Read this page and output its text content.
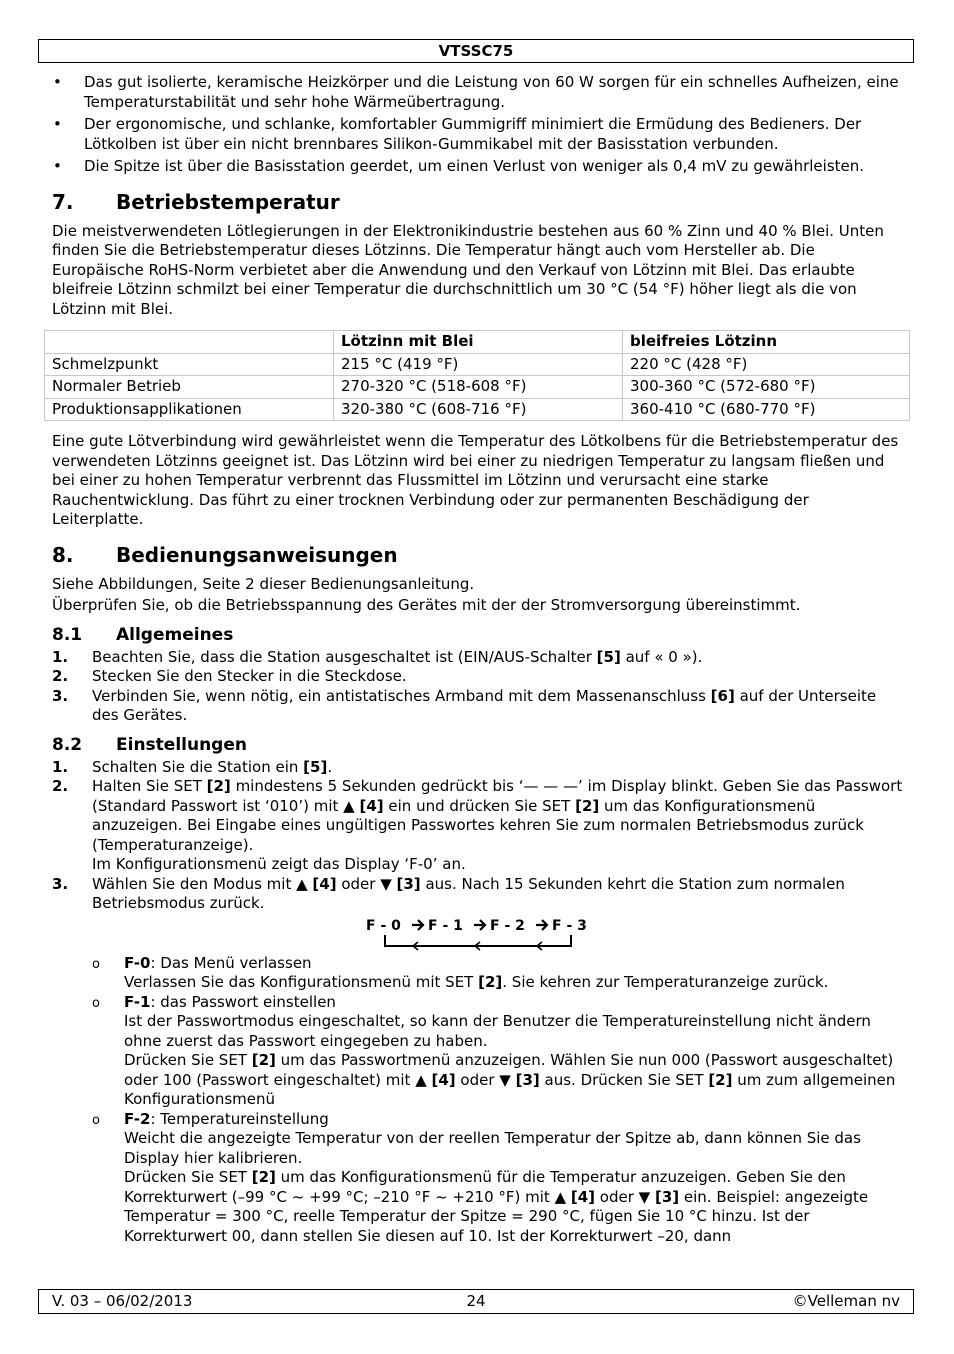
VTSSC75
• Das gut isolierte, keramische Heizkörper und die Leistung von 60 W sorgen für ein schnelles Aufheizen, eine Temperaturstabilität und sehr hohe Wärmeübertragung.
• Der ergonomische, und schlanke, komfortabler Gummigriff minimiert die Ermüdung des Bedieners. Der Lötkolben ist über ein nicht brennbares Silikon-Gummikabel mit der Basisstation verbunden.
• Die Spitze ist über die Basisstation geerdet, um einen Verlust von weniger als 0,4 mV zu gewährleisten.
7. Betriebstemperatur

Die meistverwendeten Lötlegierungen in der Elektronikindustrie bestehen aus 60 % Zinn und 40 % Blei. Unten finden Sie die Betriebstemperatur dieses Lötzinns. Die Temperatur hängt auch vom Hersteller ab. Die Europäische RoHS-Norm verbietet aber die Anwendung und den Verkauf von Lötzinn mit Blei. Das erlaubte bleifreie Lötzinn schmilzt bei einer Temperatur die durchschnittlich um 30 °C (54 °F) höher liegt als die von Lötzinn mit Blei.

	Lötzinn mit Blei	bleifreies Lötzinn
Schmelzpunkt	215 °C (419 °F)	220 °C (428 °F)
Normaler Betrieb	270-320 °C (518-608 °F)	300-360 °C (572-680 °F)
Produktionsapplikationen	320-380 °C (608-716 °F)	360-410 °C (680-770 °F)

Eine gute Lötverbindung wird gewährleistet wenn die Temperatur des Lötkolbens für die Betriebstemperatur des verwendeten Lötzinns geeignet ist. Das Lötzinn wird bei einer zu niedrigen Temperatur zu langsam fließen und bei einer zu hohen Temperatur verbrennt das Flussmittel im Lötzinn und verursacht eine starke Rauchentwicklung. Das führt zu einer trocknen Verbindung oder zur permanenten Beschädigung der Leiterplatte.

8. Bedienungsanweisungen

Siehe Abbildungen, Seite 2 dieser Bedienungsanleitung.

Überprüfen Sie, ob die Betriebsspannung des Gerätes mit der der Stromversorgung übereinstimmt.

8.1 Allgemeines
1. Beachten Sie, dass die Station ausgeschaltet ist (EIN/AUS-Schalter [5] auf « 0 »).
2. Stecken Sie den Stecker in die Steckdose.
3. Verbinden Sie, wenn nötig, ein antistatisches Armband mit dem Massenanschluss [6] auf der Unterseite des Gerätes.
8.2 Einstellungen
1. Schalten Sie die Station ein [5].
2. Halten Sie SET [2] mindestens 5 Sekunden gedrückt bis ‘— — —’ im Display blinkt. Geben Sie das Passwort (Standard Passwort ist ‘010’) mit ▲ [4] ein und drücken Sie SET [2] um das Konfigurationsmenü anzuzeigen. Bei Eingabe eines ungültigen Passwortes kehren Sie zum normalen Betriebsmodus zurück (Temperaturanzeige).
Im Konfigurationsmenü zeigt das Display ‘F-0’ an.
3. Wählen Sie den Modus mit ▲ [4] oder ▼ [3] aus. Nach 15 Sekunden kehrt die Station zum normalen Betriebsmodus zurück.
F - 0 F - 1 F - 2 F - 3
o F-0: Das Menü verlassen
Verlassen Sie das Konfigurationsmenü mit SET [2]. Sie kehren zur Temperaturanzeige zurück.
o F-1: das Passwort einstellen
Ist der Passwortmodus eingeschaltet, so kann der Benutzer die Temperatureinstellung nicht ändern ohne zuerst das Passwort eingegeben zu haben.
Drücken Sie SET [2] um das Passwortmenü anzuzeigen. Wählen Sie nun 000 (Passwort ausgeschaltet) oder 100 (Passwort eingeschaltet) mit ▲ [4] oder ▼ [3] aus. Drücken Sie SET [2] um zum allgemeinen Konfigurationsmenü
o F-2: Temperatureinstellung
Weicht die angezeigte Temperatur von der reellen Temperatur der Spitze ab, dann können Sie das Display hier kalibrieren.
Drücken Sie SET [2] um das Konfigurationsmenü für die Temperatur anzuzeigen. Geben Sie den Korrekturwert (–99 °C ~ +99 °C; –210 °F ~ +210 °F) mit ▲ [4] oder ▼ [3] ein. Beispiel: angezeigte Temperatur = 300 °C, reelle Temperatur der Spitze = 290 °C, fügen Sie 10 °C hinzu. Ist der Korrekturwert 00, dann stellen Sie diesen auf 10. Ist der Korrekturwert –20, dann
24
V. 03 – 06/02/2013	©Velleman nv
